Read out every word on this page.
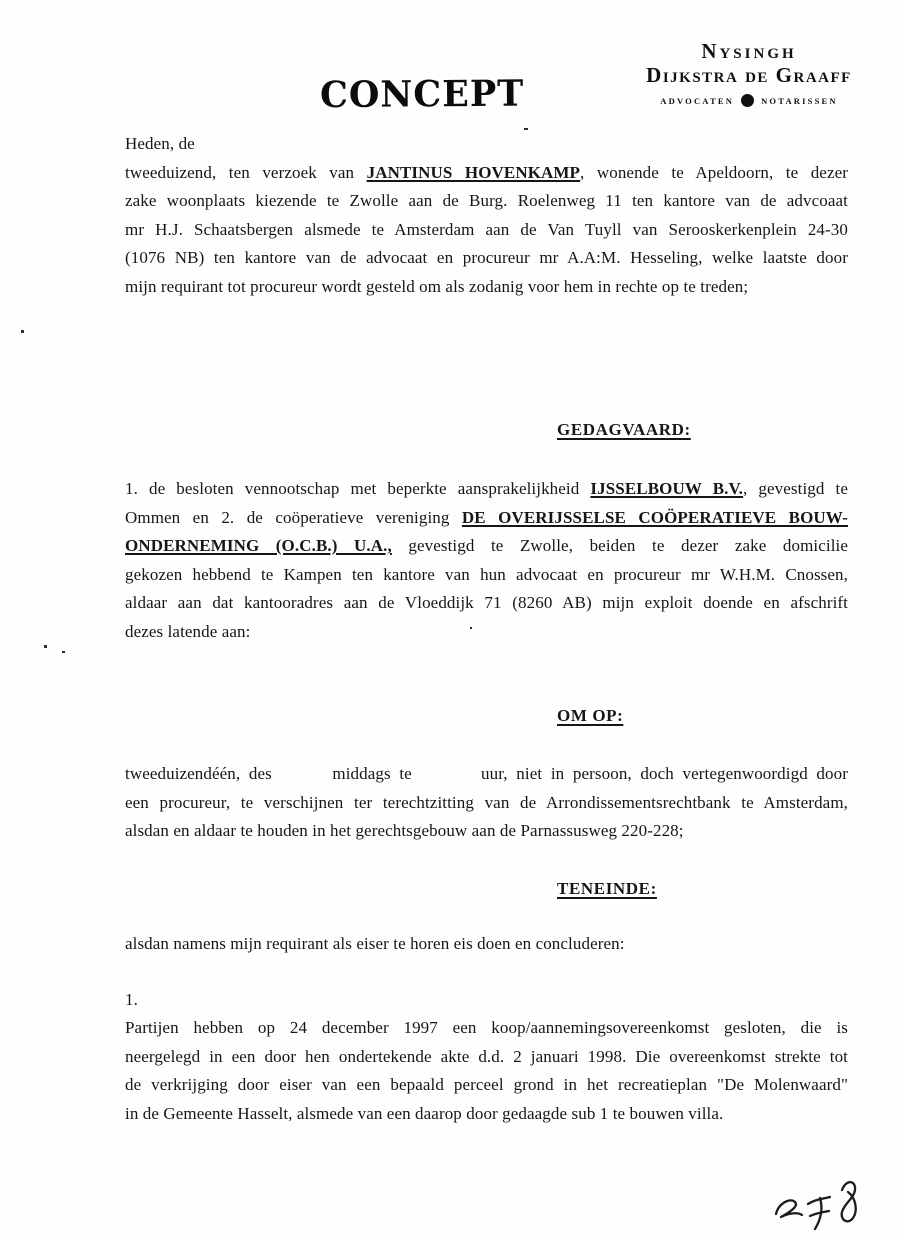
CONCEPT
Nysingh
Dijkstra de Graaff
ADVOCATEN	NOTARISSEN
GEDAGVAARD:
OM OP:
TENEINDE:
Heden, de
tweeduizend, ten verzoek van JANTINUS HOVENKAMP, wonende te Apeldoorn, te dezer
zake woonplaats kiezende te Zwolle aan de Burg. Roelenweg 11 ten kantore van de advcoaat
mr H.J. Schaatsbergen alsmede te Amsterdam aan de Van Tuyll van Serooskerkenplein 24-30
(1076 NB) ten kantore van de advocaat en procureur mr A.A:M. Hesseling, welke laatste door
mijn requirant tot procureur wordt gesteld om als zodanig voor hem in rechte op te treden;
1. de besloten vennootschap met beperkte aansprakelijkheid IJSSELBOUW B.V., gevestigd te
Ommen en 2. de coöperatieve vereniging DE OVERIJSSELSE COÖPERATIEVE BOUW-
ONDERNEMING (O.C.B.) U.A., gevestigd te Zwolle, beiden te dezer zake domicilie
gekozen hebbend te Kampen ten kantore van hun advocaat en procureur mr W.H.M. Cnossen,
aldaar aan dat kantooradres aan de Vloeddijk 71 (8260 AB) mijn exploit doende en afschrift
dezes latende aan:
tweeduizendéén, des       middags te        uur, niet in persoon, doch vertegenwoordigd door
een procureur, te verschijnen ter terechtzitting van de Arrondissementsrechtbank te Amsterdam,
alsdan en aldaar te houden in het gerechtsgebouw aan de Parnassusweg 220-228;
alsdan namens mijn requirant als eiser te horen eis doen en concluderen:
1.
Partijen hebben op 24 december 1997 een koop/aannemingsovereenkomst gesloten, die is
neergelegd in een door hen ondertekende akte d.d. 2 januari 1998. Die overeenkomst strekte tot
de verkrijging door eiser van een bepaald perceel grond in het recreatieplan "De Molenwaard"
in de Gemeente Hasselt, alsmede van een daarop door gedaagde sub 1 te bouwen villa.
